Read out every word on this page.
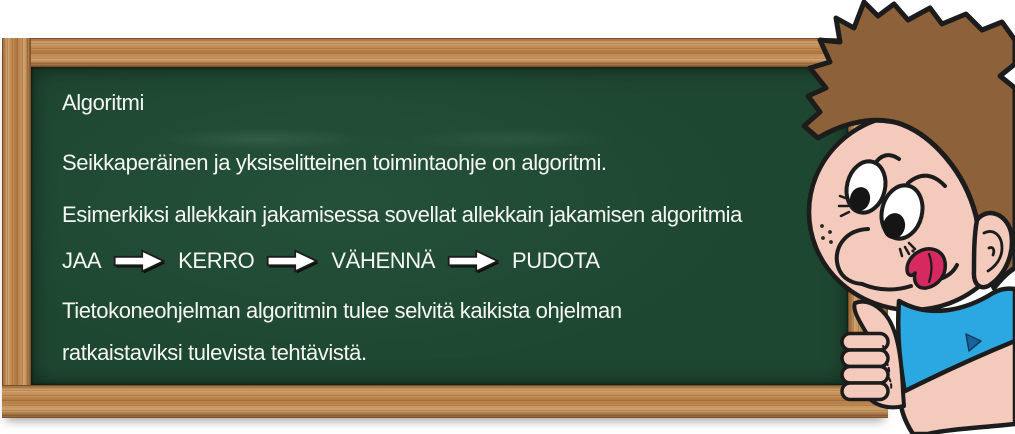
Algoritmi
Seikkaperäinen ja yksiselitteinen toimintaohje on algoritmi.
Esimerkiksi allekkain jakamisessa sovellat allekkain jakamisen algoritmia
JAA	KERRO	VÄHENNÄ	PUDOTA
Tietokoneohjelman algoritmin tulee selvitä kaikista ohjelman
ratkaistaviksi tulevista tehtävistä.
